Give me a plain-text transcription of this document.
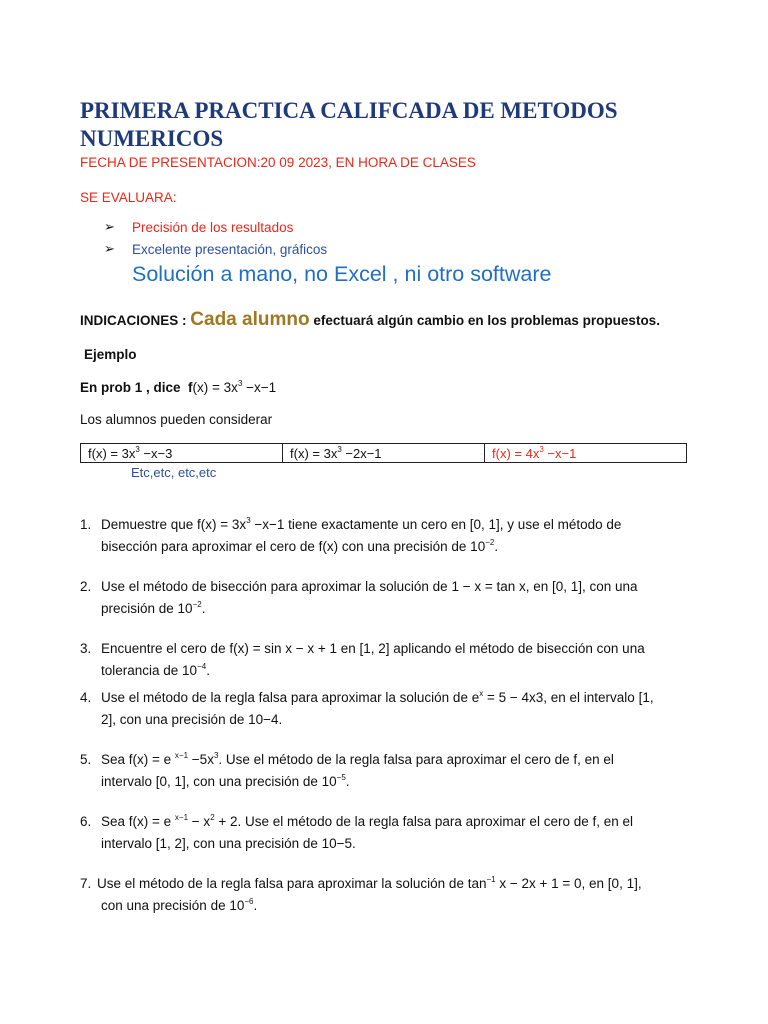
PRIMERA PRACTICA CALIFCADA DE METODOS NUMERICOS
FECHA DE PRESENTACION:20 09 2023, EN HORA DE CLASES
SE EVALUARA:
➢ Precisión de los resultados
➢ Excelente presentación, gráficos
Solución a mano, no Excel , ni otro software
INDICACIONES : Cada alumno efectuará algún cambio en los problemas propuestos.
Ejemplo
En prob 1 , dice $f(x) = 3x^3 -x-1$
Los alumnos pueden considerar
$f(x) = 3x^3 -x-3$	$f(x) = 3x^3 -2x-1$	$f(x) = 4x^3 -x-1$
Etc,etc, etc,etc
1. Demuestre que $f(x) = 3x^3 -x-1$ tiene exactamente un cero en [0, 1], y use el método de
bisección para aproximar el cero de f(x) con una precisión de $10^{-2}$.
2. Use el método de bisección para aproximar la solución de 1 − x = tan x, en [0, 1], con una
precisión de $10^{-2}$.
3. Encuentre el cero de f(x) = sin x − x + 1 en [1, 2] aplicando el método de bisección con una
tolerancia de $10^{-4}$.
4. Use el método de la regla falsa para aproximar la solución de $e^x = 5 - 4x3$, en el intervalo [1,
2], con una precisión de 10−4.
5. Sea f(x) = e $^{x-1} -5x^3$. Use el método de la regla falsa para aproximar el cero de f, en el
intervalo [0, 1], con una precisión de $10^{-5}$.
6. Sea f(x) = e $^{x-1} - x^2 + 2$. Use el método de la regla falsa para aproximar el cero de f, en el
intervalo [1, 2], con una precisión de 10−5.
7. Use el método de la regla falsa para aproximar la solución de $\tan^{-1} x - 2x + 1 = 0$, en [0, 1],
con una precisión de $10^{-6}$.
